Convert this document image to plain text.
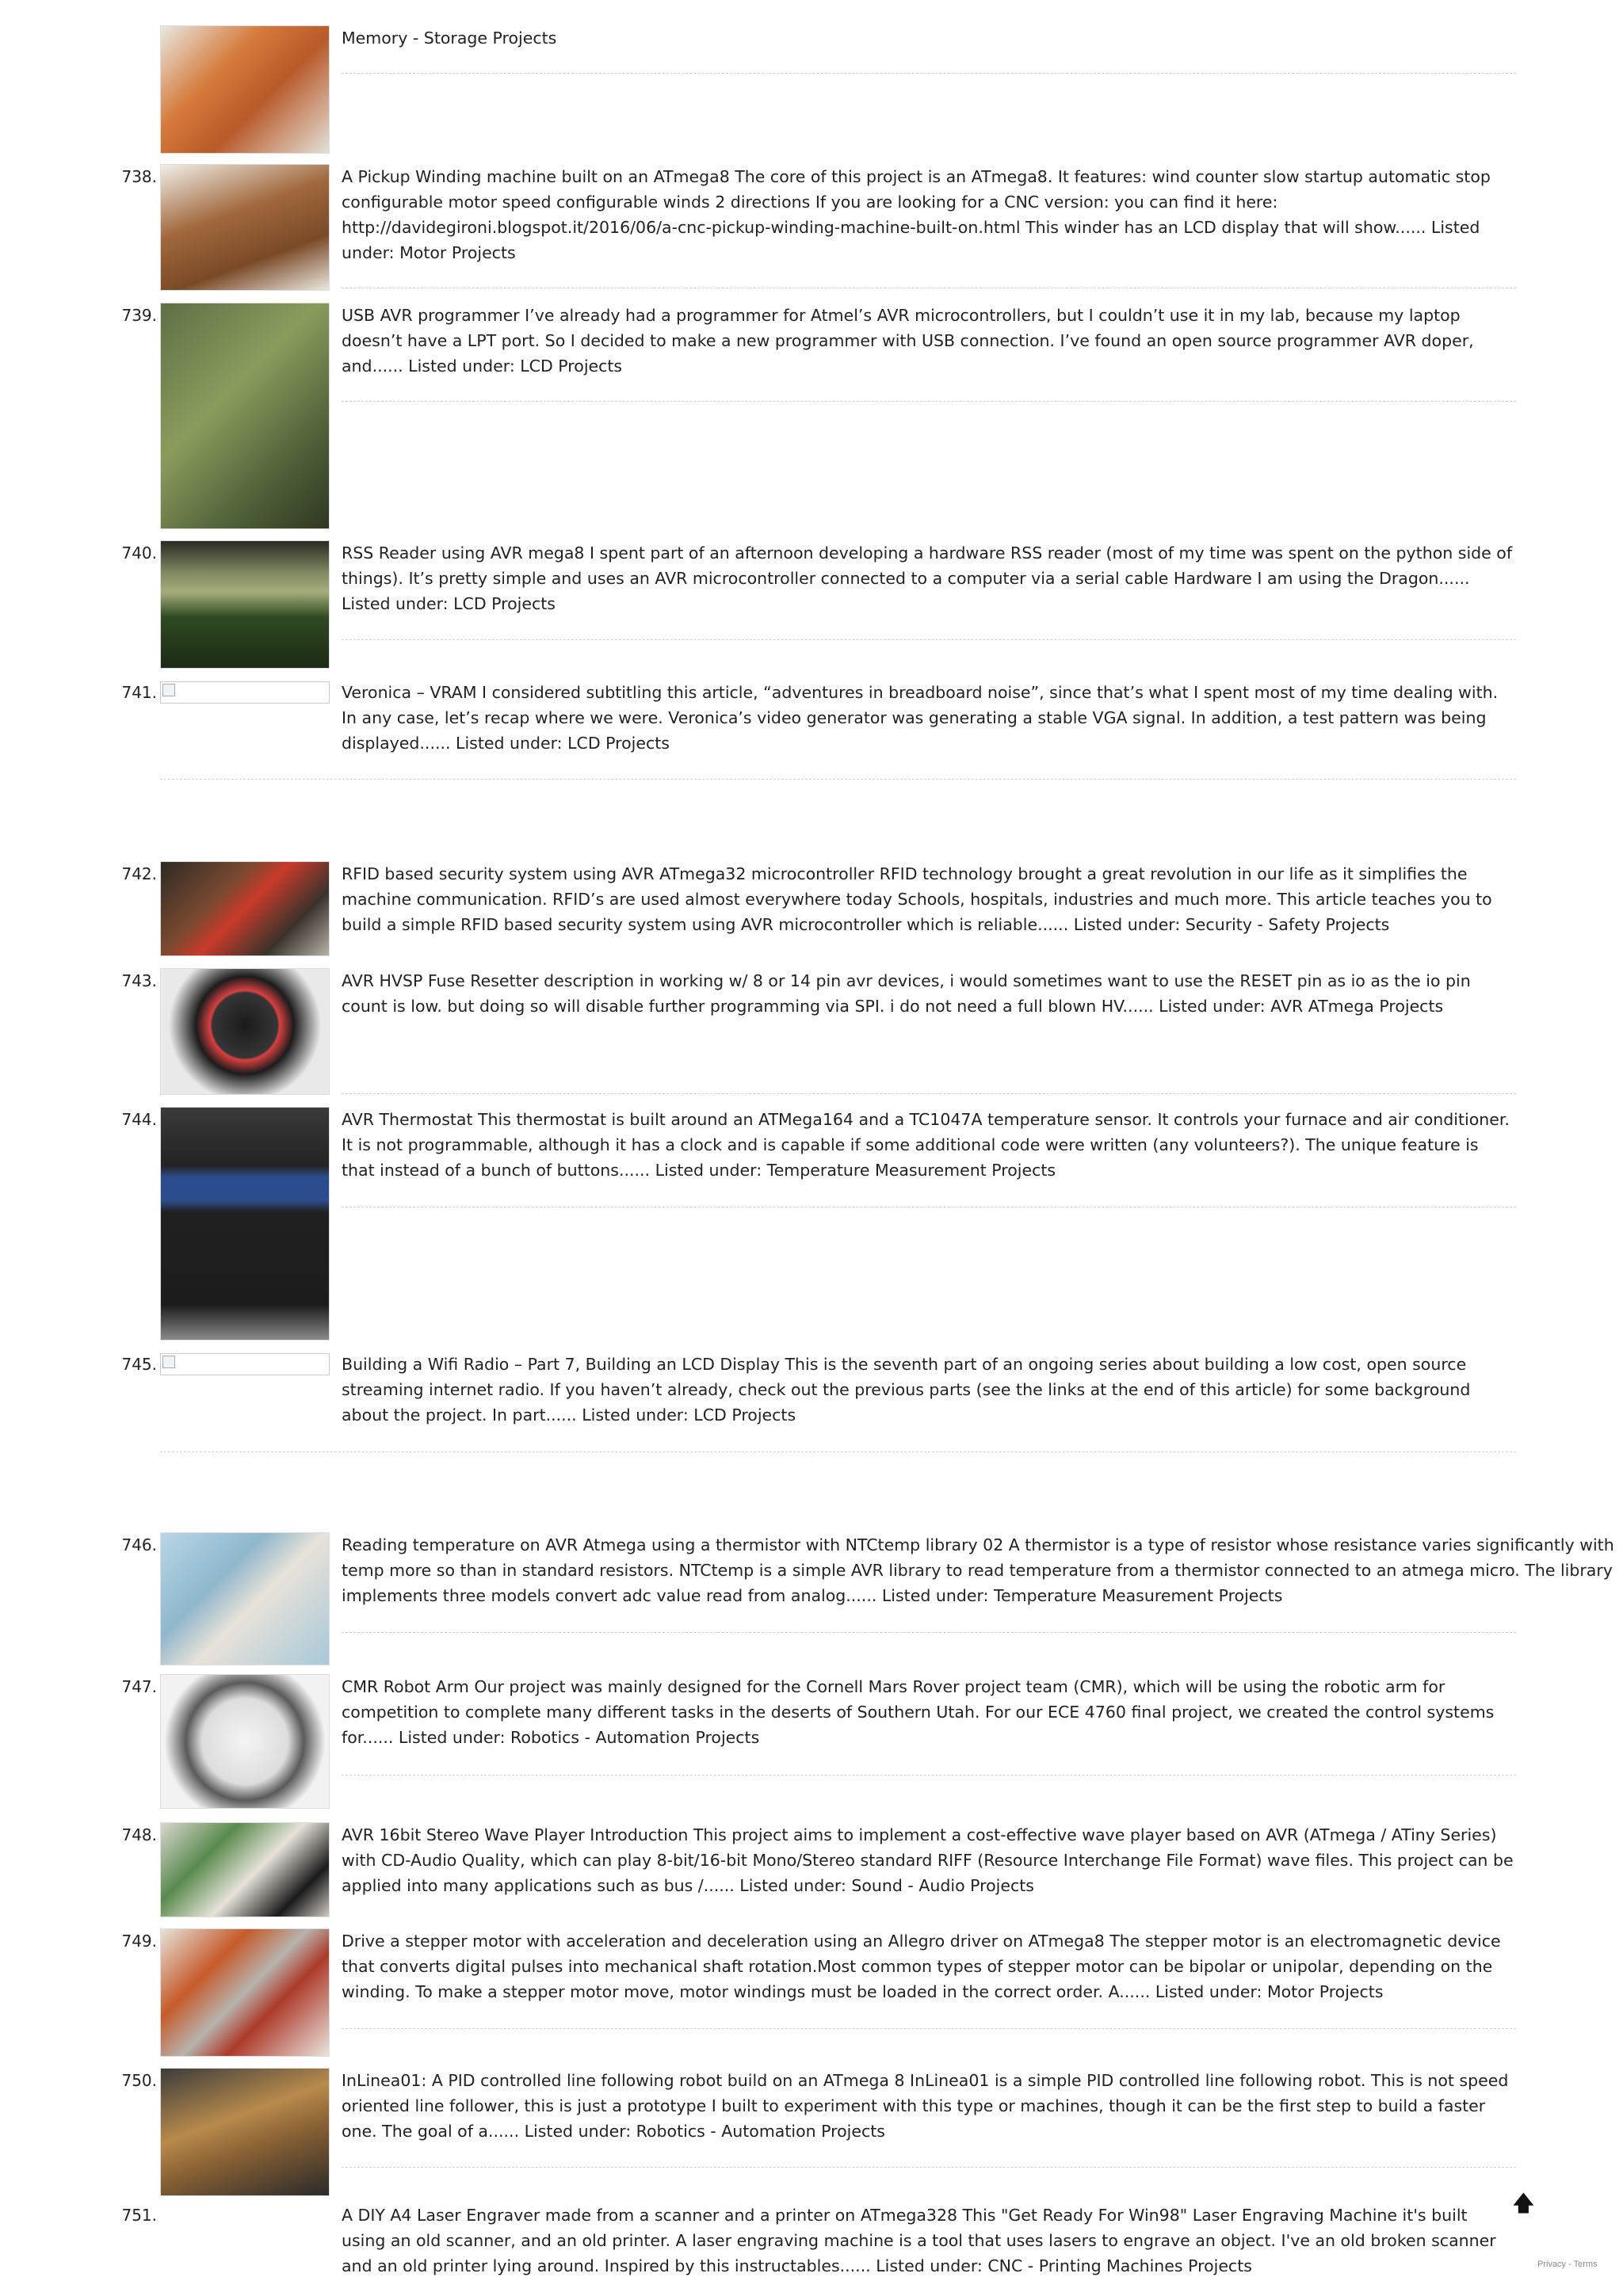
Memory - Storage Projects
738.	A Pickup Winding machine built on an ATmega8 The core of this project is an ATmega8. It features: wind counter slow startup automatic stop configurable motor speed configurable winds 2 directions If you are looking for a CNC version: you can find it here: http://davidegironi.blogspot.it/2016/06/a-cnc-pickup-winding-machine-built-on.html This winder has an LCD display that will show...... Listed under: Motor Projects
739.	USB AVR programmer I’ve already had a programmer for Atmel’s AVR microcontrollers, but I couldn’t use it in my lab, because my laptop doesn’t have a LPT port. So I decided to make a new programmer with USB connection. I’ve found an open source programmer AVR doper, and...... Listed under: LCD Projects
740.	RSS Reader using AVR mega8 I spent part of an afternoon developing a hardware RSS reader (most of my time was spent on the python side of things). It’s pretty simple and uses an AVR microcontroller connected to a computer via a serial cable Hardware I am using the Dragon...... Listed under: LCD Projects
741.	Veronica – VRAM I considered subtitling this article, “adventures in breadboard noise”, since that’s what I spent most of my time dealing with. In any case, let’s recap where we were. Veronica’s video generator was generating a stable VGA signal. In addition, a test pattern was being displayed...... Listed under: LCD Projects
742.	RFID based security system using AVR ATmega32 microcontroller RFID technology brought a great revolution in our life as it simplifies the machine communication. RFID’s are used almost everywhere today Schools, hospitals, industries and much more. This article teaches you to build a simple RFID based security system using AVR microcontroller which is reliable...... Listed under: Security - Safety Projects
743.	AVR HVSP Fuse Resetter description in working w/ 8 or 14 pin avr devices, i would sometimes want to use the RESET pin as io as the io pin count is low. but doing so will disable further programming via SPI. i do not need a full blown HV...... Listed under: AVR ATmega Projects
744.	AVR Thermostat This thermostat is built around an ATMega164 and a TC1047A temperature sensor. It controls your furnace and air conditioner. It is not programmable, although it has a clock and is capable if some additional code were written (any volunteers?). The unique feature is that instead of a bunch of buttons...... Listed under: Temperature Measurement Projects
745.	Building a Wifi Radio – Part 7, Building an LCD Display This is the seventh part of an ongoing series about building a low cost, open source streaming internet radio. If you haven’t already, check out the previous parts (see the links at the end of this article) for some background about the project. In part...... Listed under: LCD Projects
746.	Reading temperature on AVR Atmega using a thermistor with NTCtemp library 02 A thermistor is a type of resistor whose resistance varies significantly with temp more so than in standard resistors. NTCtemp is a simple AVR library to read temperature from a thermistor connected to an atmega micro. The library implements three models convert adc value read from analog...... Listed under: Temperature Measurement Projects
747.	CMR Robot Arm Our project was mainly designed for the Cornell Mars Rover project team (CMR), which will be using the robotic arm for competition to complete many different tasks in the deserts of Southern Utah. For our ECE 4760 final project, we created the control systems for...... Listed under: Robotics - Automation Projects
748.	AVR 16bit Stereo Wave Player Introduction This project aims to implement a cost-effective wave player based on AVR (ATmega / ATiny Series) with CD-Audio Quality, which can play 8-bit/16-bit Mono/Stereo standard RIFF (Resource Interchange File Format) wave files. This project can be applied into many applications such as bus /...... Listed under: Sound - Audio Projects
749.	Drive a stepper motor with acceleration and deceleration using an Allegro driver on ATmega8 The stepper motor is an electromagnetic device that converts digital pulses into mechanical shaft rotation.Most common types of stepper motor can be bipolar or unipolar, depending on the winding. To make a stepper motor move, motor windings must be loaded in the correct order. A...... Listed under: Motor Projects
750.	InLinea01: A PID controlled line following robot build on an ATmega 8 InLinea01 is a simple PID controlled line following robot. This is not speed oriented line follower, this is just a prototype I built to experiment with this type or machines, though it can be the first step to build a faster one. The goal of a...... Listed under: Robotics - Automation Projects
751.	A DIY A4 Laser Engraver made from a scanner and a printer on ATmega328 This "Get Ready For Win98" Laser Engraving Machine it's built using an old scanner, and an old printer. A laser engraving machine is a tool that uses lasers to engrave an object. I've an old broken scanner and an old printer lying around. Inspired by this instructables...... Listed under: CNC - Printing Machines Projects
🡅
Privacy - Terms
